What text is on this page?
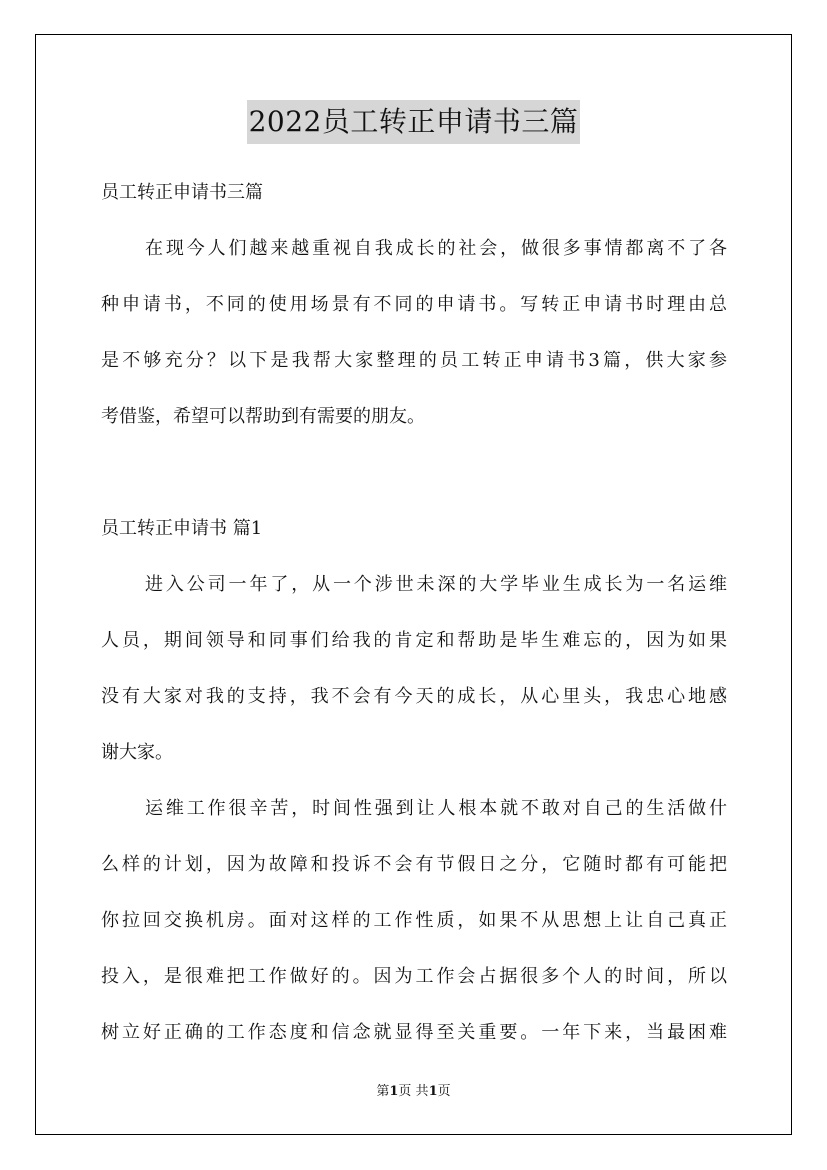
2022员工转正申请书三篇
员工转正申请书三篇
在现今人们越来越重视自我成长的社会，做很多事情都离不了各
种申请书，不同的使用场景有不同的申请书。写转正申请书时理由总
是不够充分？以下是我帮大家整理的员工转正申请书3篇，供大家参
考借鉴，希望可以帮助到有需要的朋友。
员工转正申请书 篇1
进入公司一年了，从一个涉世未深的大学毕业生成长为一名运维
人员，期间领导和同事们给我的肯定和帮助是毕生难忘的，因为如果
没有大家对我的支持，我不会有今天的成长，从心里头，我忠心地感
谢大家。
运维工作很辛苦，时间性强到让人根本就不敢对自己的生活做什
么样的计划，因为故障和投诉不会有节假日之分，它随时都有可能把
你拉回交换机房。面对这样的工作性质，如果不从思想上让自己真正
投入，是很难把工作做好的。因为工作会占据很多个人的时间，所以
树立好正确的工作态度和信念就显得至关重要。一年下来，当最困难
第1页 共1页
